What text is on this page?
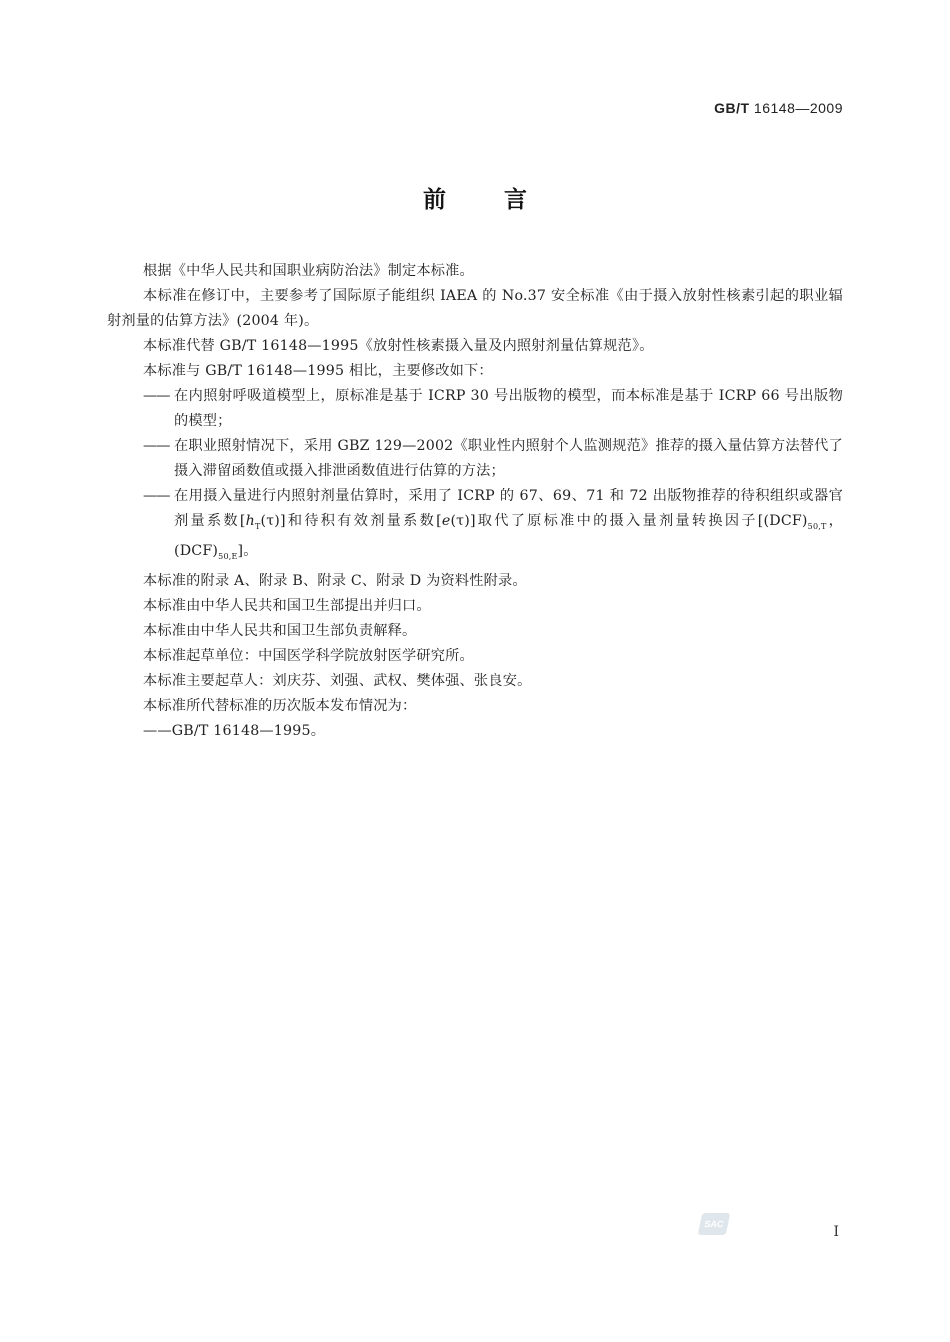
GB/T 16148—2009
前言

根据《中华人民共和国职业病防治法》制定本标准。

本标准在修订中，主要参考了国际原子能组织 IAEA 的 No.37 安全标准《由于摄入放射性核素引起的职业辐射剂量的估算方法》(2004 年)。

本标准代替 GB/T 16148—1995《放射性核素摄入量及内照射剂量估算规范》。

本标准与 GB/T 16148—1995 相比，主要修改如下：

—— 在内照射呼吸道模型上，原标准是基于 ICRP 30 号出版物的模型，而本标准是基于 ICRP 66 号出版物的模型；

—— 在职业照射情况下，采用 GBZ 129—2002《职业性内照射个人监测规范》推荐的摄入量估算方法替代了摄入滞留函数值或摄入排泄函数值进行估算的方法；

—— 在用摄入量进行内照射剂量估算时，采用了 ICRP 的 67、69、71 和 72 出版物推荐的待积组织或器官剂量系数$[h_T(\tau)]$和待积有效剂量系数[e(τ)]取代了原标准中的摄入量剂量转换因子[$(DCF)_{50,T}$，$(DCF)_{50,E}$]。

本标准的附录 A、附录 B、附录 C、附录 D 为资料性附录。

本标准由中华人民共和国卫生部提出并归口。

本标准由中华人民共和国卫生部负责解释。

本标准起草单位：中国医学科学院放射医学研究所。

本标准主要起草人：刘庆芬、刘强、武权、樊体强、张良安。

本标准所代替标准的历次版本发布情况为：

——GB/T 16148—1995。

SAC	I
